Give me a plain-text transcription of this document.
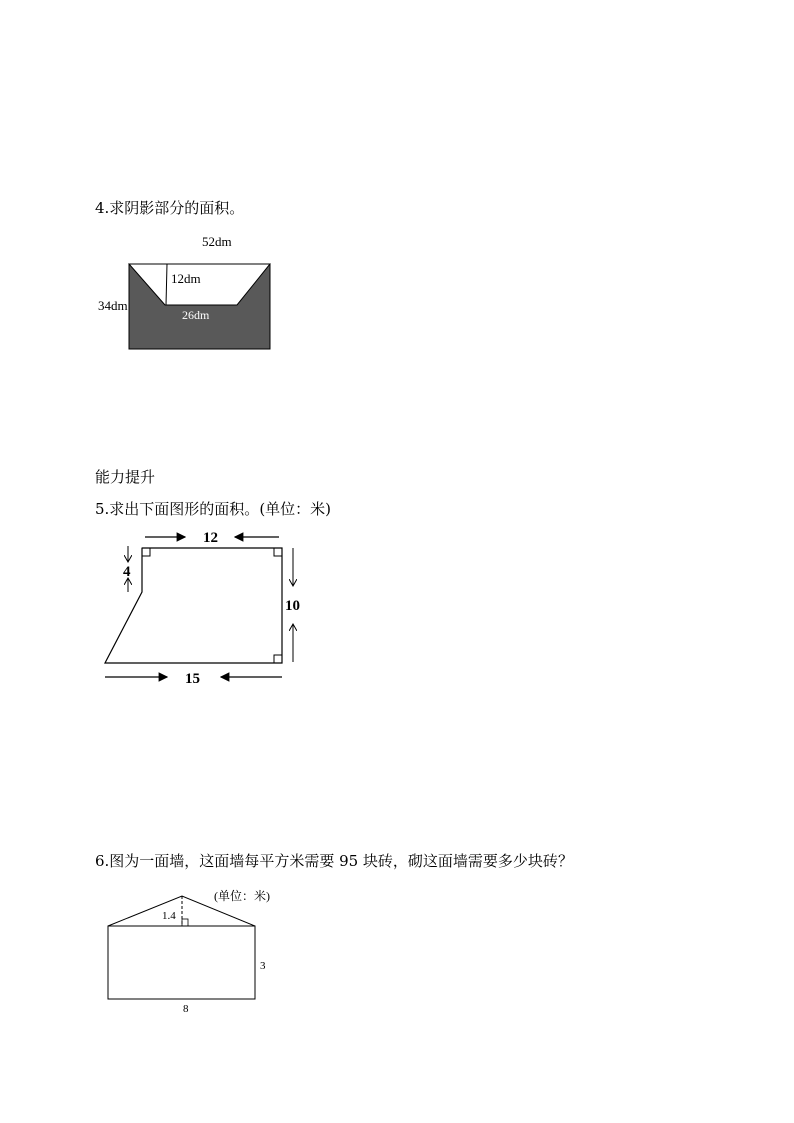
4.求阴影部分的面积。
52dm
12dm
34dm
26dm
能力提升
5.求出下面图形的面积。(单位：米)
12
4
10
15
6.图为一面墙，这面墙每平方米需要 95 块砖，砌这面墙需要多少块砖？
(单位：米)
1.4
3
8
